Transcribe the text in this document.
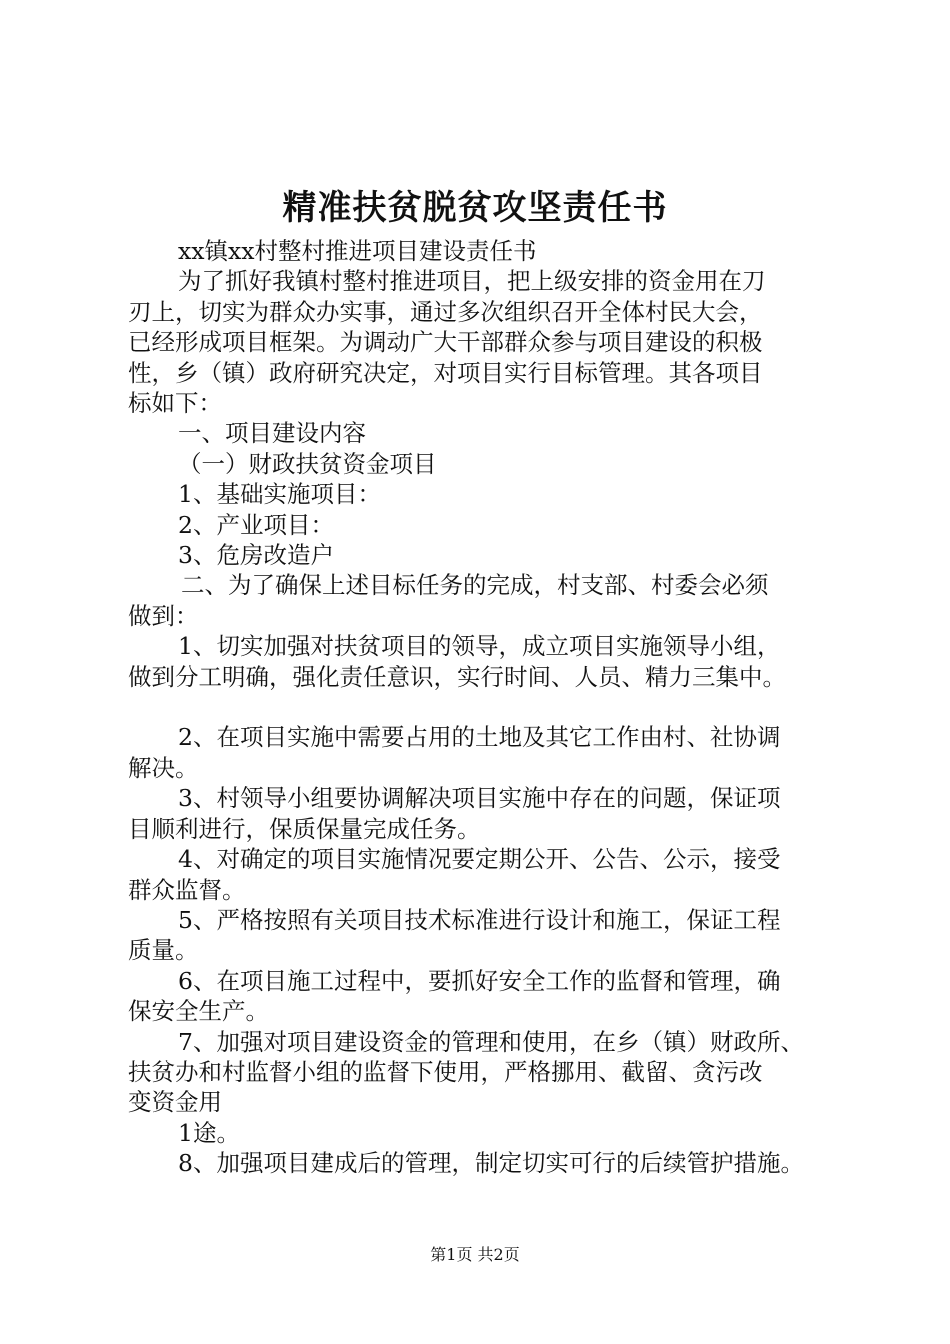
精准扶贫脱贫攻坚责任书

xx镇xx村整村推进项目建设责任书

为了抓好我镇村整村推进项目，把上级安排的资金用在刀

刃上，切实为群众办实事，通过多次组织召开全体村民大会，

已经形成项目框架。为调动广大干部群众参与项目建设的积极

性，乡（镇）政府研究决定，对项目实行目标管理。其各项目

标如下：

一、项目建设内容

（一）财政扶贫资金项目

1、基础实施项目：

2、产业项目：

3、危房改造户

二、为了确保上述目标任务的完成，村支部、村委会必须

做到：

1、切实加强对扶贫项目的领导，成立项目实施领导小组，

做到分工明确，强化责任意识，实行时间、人员、精力三集中。

2、在项目实施中需要占用的土地及其它工作由村、社协调

解决。

3、村领导小组要协调解决项目实施中存在的问题，保证项

目顺利进行，保质保量完成任务。

4、对确定的项目实施情况要定期公开、公告、公示，接受

群众监督。

5、严格按照有关项目技术标准进行设计和施工，保证工程

质量。

6、在项目施工过程中，要抓好安全工作的监督和管理，确

保安全生产。

7、加强对项目建设资金的管理和使用，在乡（镇）财政所、

扶贫办和村监督小组的监督下使用，严格挪用、截留、贪污改

变资金用

1途。

8、加强项目建成后的管理，制定切实可行的后续管护措施。

第1页 共2页
